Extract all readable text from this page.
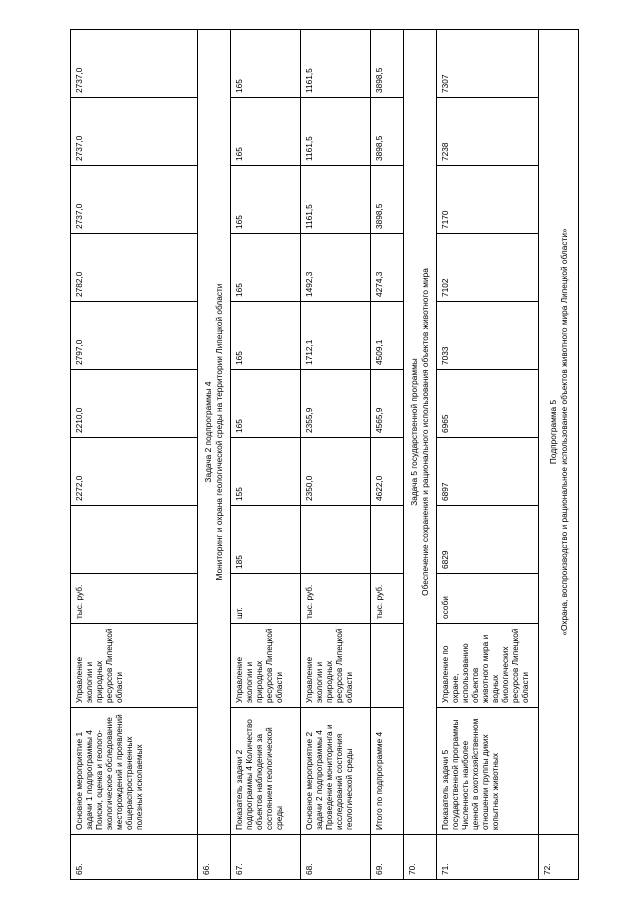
65.	Основное мероприятие 1 задачи 1 подпрограммы 4 Поиски, оценка и геолого-экологическое обследование месторождений и проявлений общераспространенных полезных ископаемых	Управление экологии и природных ресурсов Липецкой области	тыс. руб.		2272,0	2210,0	2797,0	2782,0	2737,0	2737,0	2737,0
66.	Задача 2 подпрограммы 4 Мониторинг и охрана геологической среды на территории Липецкой области										

67.	Показатель задачи 2 подпрограммы 4 Количество объектов наблюдения за состоянием геологической среды	Управление экологии и природных ресурсов Липецкой области	шт.	185	155	165	165	165	165	165	165
68.	Основное мероприятие 2 задачи 2 подпрограммы 4 Проведение мониторинга и исследований состояния геологической среды	Управление экологии и природных ресурсов Липецкой области	тыс. руб.		2350,0	2355,9	1712,1	1492,3	1161,5	1161,5	1161,5
69.	Итого по подпрограмме 4		тыс. руб.		4622,0	4565,9	4509,1	4274,3	3898,5	3898,5	3898,5
70.	Задача 5 государственной программы Обеспечение сохранения и рационального использования объектов животного мира										

71.	Показатель задачи 5 государственной программы Численность наиболее ценной в охотхозяйственном отношении группы диких копытных животных	Управление по охране, использованию объектов животного мира и водных биологических ресурсов Липецкой области	особи	6829	6897	6965	7033	7102	7170	7238	7307
72.	Подпрограмма 5 «Охрана, воспроизводство и рациональное использование объектов животного мира Липецкой области»										
